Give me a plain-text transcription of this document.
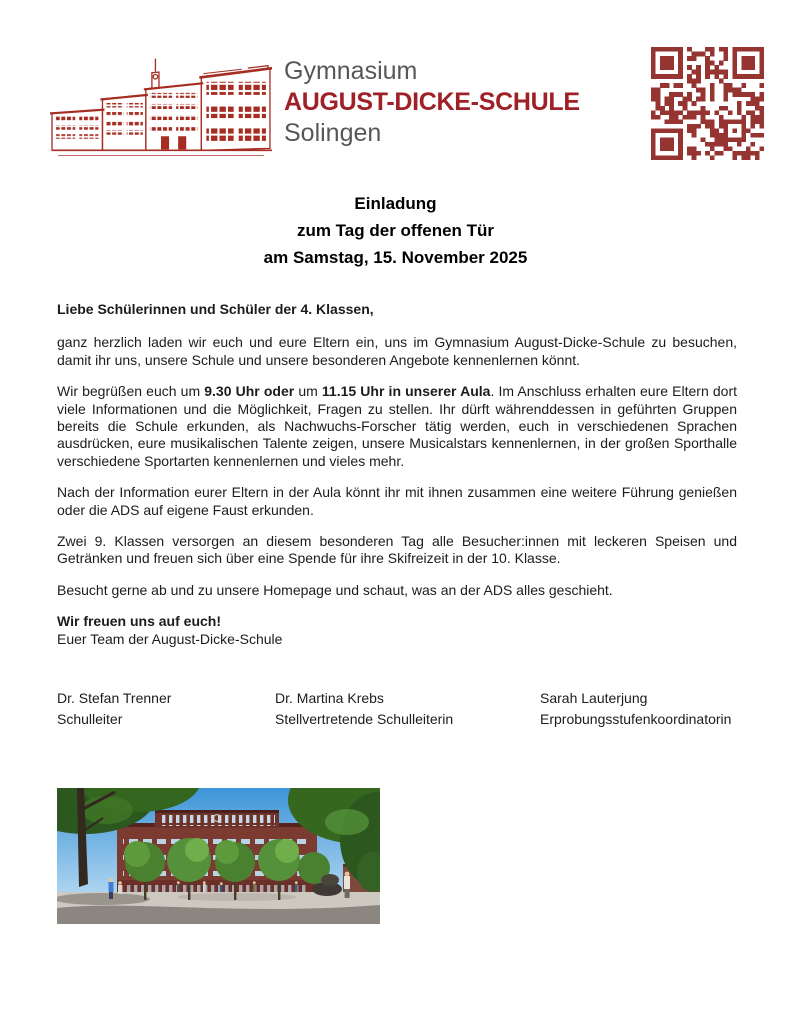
Gymnasium
AUGUST-DICKE-SCHULE
Solingen
Einladung
zum Tag der offenen Tür
am Samstag, 15. November 2025

Liebe Schülerinnen und Schüler der 4. Klassen,

ganz herzlich laden wir euch und eure Eltern ein, uns im Gymnasium August-Dicke-Schule zu besuchen, damit ihr uns, unsere Schule und unsere besonderen Angebote kennenlernen könnt.

Wir begrüßen euch um 9.30 Uhr oder um 11.15 Uhr in unserer Aula. Im Anschluss erhalten eure Eltern dort viele Informationen und die Möglichkeit, Fragen zu stellen. Ihr dürft währenddessen in geführten Gruppen bereits die Schule erkunden, als Nachwuchs-Forscher tätig werden, euch in verschiedenen Sprachen ausdrücken, eure musikalischen Talente zeigen, unsere Musicalstars kennenlernen, in der großen Sporthalle verschiedene Sportarten kennenlernen und vieles mehr.

Nach der Information eurer Eltern in der Aula könnt ihr mit ihnen zusammen eine weitere Führung genießen oder die ADS auf eigene Faust erkunden.

Zwei 9. Klassen versorgen an diesem besonderen Tag alle Besucher:innen mit leckeren Speisen und Getränken und freuen sich über eine Spende für ihre Skifreizeit in der 10. Klasse.

Besucht gerne ab und zu unsere Homepage und schaut, was an der ADS alles geschieht.

Wir freuen uns auf euch!

Euer Team der August-Dicke-Schule

Dr. Stefan Trenner
Schulleiter
Dr. Martina Krebs
Stellvertretende Schulleiterin
Sarah Lauterjung
Erprobungsstufenkoordinatorin
